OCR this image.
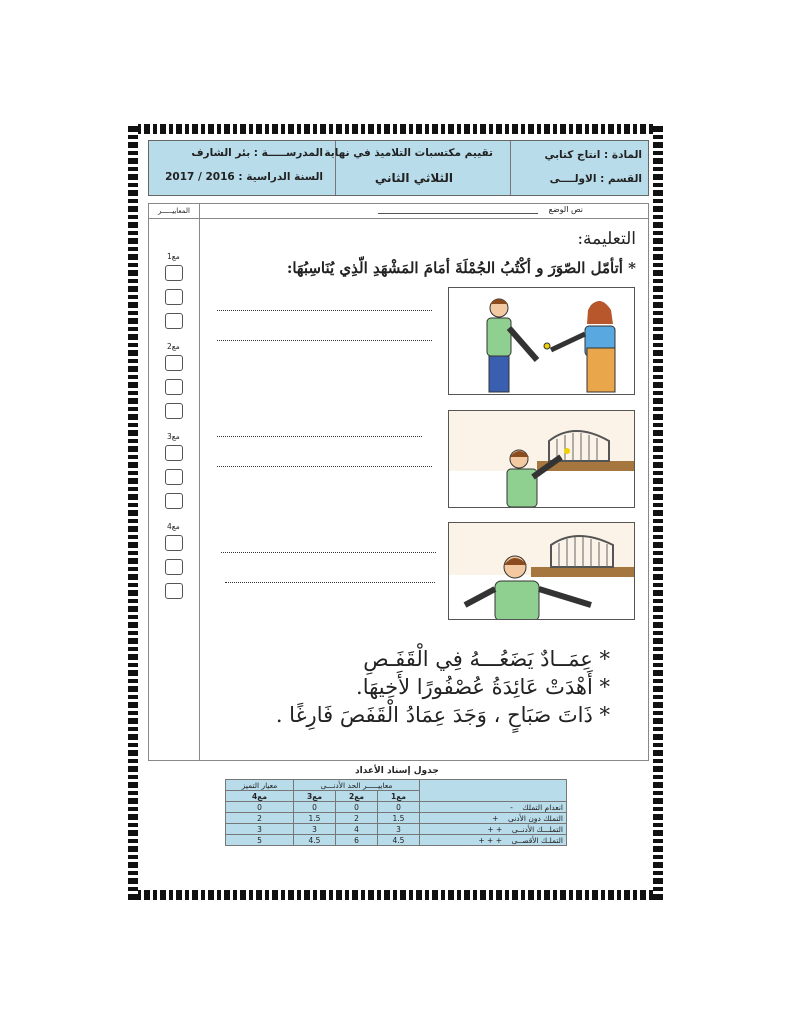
المادة : انتاج كتابي
القسم : الاولــــى
تقييم مكتسبات التلاميذ في نهاية
الثلاثي الثاني
المدرســـــة : بئر الشارف
السنة الدراسية : 2016 / 2017
المعاييـــــر	نص الوضع
مع1
مع2
مع3
مع4
التعليمة:
* أتأمّل الصّوَرَ و أكْتُبُ الجُمْلَةَ أمَامَ المَشْهَدِ الّذِي يُنَاسِبُهَا:
* عِمَــادٌ يَضَعُـــهُ فِي الْقَفَـصِ
* أَهْدَتْ عَائِدَةُ عُصْفُورًا لأَخِيهَا.
* ذَاتَ صَبَاحٍ ، وَجَدَ عِمَادُ الْقَفَصَ فَارِغًا .
جدول إسناد الأعداد
	معاييـــــر الحد الأدنـــى			معيار التميز
	مع1	مع2	مع3	مع4
انعدام التملك    -	0	0	0	0
التملك دون الأدنى    +	1.5	2	1.5	2
التملـــك الأدنــى    + +	3	4	3	3
التملـك الأقصــى    + + +	4.5	6	4.5	5
